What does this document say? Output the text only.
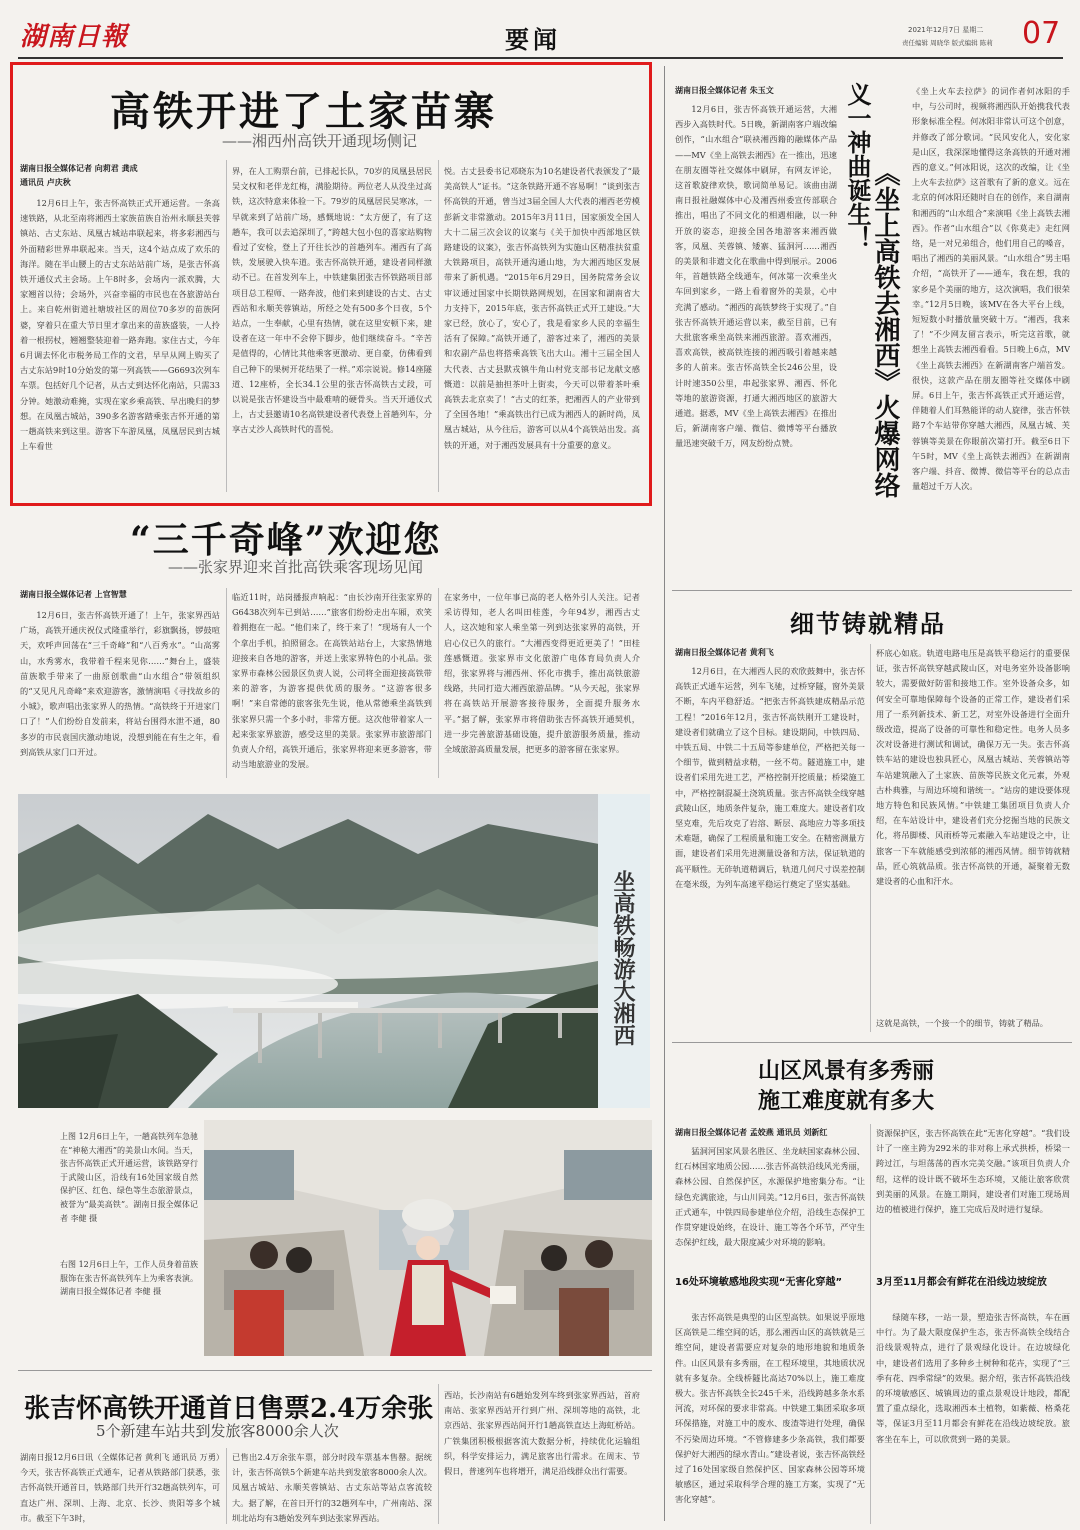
湖南日報	要闻	2021年12月7日 星期二
责任编辑 周晓华 版式编辑 陈莉 07
高铁开进了土家苗寨
——湘西州高铁开通现场侧记
湖南日报全媒体记者 向莉君 龚成
通讯员 卢庆秋
12月6日上午，张吉怀高铁正式开通运营。一条高速铁路，从北至南将湘西土家族苗族自治州永顺县芙蓉镇站、古丈东站、凤凰古城站串联起来，将多彩湘西与外面精彩世界串联起来。当天，这4个站点成了欢乐的海洋。随在半山腰上的古丈东站站前广场，是张吉怀高铁开通仪式主会场。上午8时多，会场内一派欢腾，大家翘首以待；会场外，兴奋幸福的市民也在各旅游站台上。来自乾州街道社塘坡社区的周位70多岁的苗族阿婆，穿着只在重大节日里才拿出来的苗族盛装，一人拎着一根拐杖，翘翘整装迎着一路奔跑。家住古丈，今年6月调去怀化市税务局工作的文君，早早从网上购买了古丈东站9时10分始发的第一列高铁——G6693次列车车票。包括好几个记者，从古丈到达怀化南站，只需33分钟。她激动难掩，实现在家乡乘高铁、早出晚归的梦想。在凤凰古城站，390多名游客踏乘张吉怀开通的第一趟高铁来到这里。游客下车游凤凰，凤凰居民到古城上车看世
界，在人工购票台前，已排起长队，70岁的凤凰县居民吴文权和老伴龙红梅，满脸期待。两位老人从没坐过高铁，这次特意来体验一下。79岁的凤凰居民吴寒冰，一早就来到了站前广场，感慨地说：“太方便了，有了这趟车，我可以去追深圳了，”跨越大包小包的喜家站购物看过了安检，登上了开往长沙的首趟列车。湘西有了高铁，发展驶入快车道。张吉怀高铁开通，建设者同样激动不已。在首发列车上，中铁建集团张吉怀铁路项目部项目总工程师、一路奔波，他们来到建设的古丈、古丈西站和永顺芙蓉镇站，所经之处有500多个日夜，5个站点，一生奉献，心里有热情，就在这里安顿下来，建设者在这一年中不会停下脚步，他们继续奋斗。“辛苦是值得的，心情比其他乘客更激动、更自豪，仿佛看到自己种下的果树开花结果了一样。”邓宗说说。修14座隧道、12座桥，全长34.1公里的张吉怀高铁古丈段，可以说是张吉怀建设当中最难啃的硬骨头。当天开通仪式上，古丈县邀请10名高铁建设者代表登上首趟列车，分享古丈沙人高铁时代的喜悦。
悦。古丈县委书记邓晓东为10名建设者代表颁发了“最美高铁人”证书。“这条铁路开通不容易啊！”谈到张吉怀高铁的开通，曾当过3届全国人大代表的湘西老劳模彭新文非常激动。2015年3月11日，国家颁发全国人大十二届三次会议的议案与《关于加快中西部地区铁路建设的议案》，张吉怀高铁列为实施山区精准扶贫重大铁路项目，高铁开通沟通山地，为大湘西地区发展带来了新机遇。“2015年6月29日，国务院常务会议审议通过国家中长期铁路网规划，在国家和湖南省大力支持下，2015年底，张吉怀高铁正式开工建设。”大家已经，放心了，安心了，我是看家乡人民的幸福生活有了保障。”高铁开通了，游客过来了，湘西的美景和农副产品也将搭乘高铁飞出大山。湘十三届全国人大代表、古丈县默戎镇牛角山村党支部书记龙献文感慨道：以前是抽担茶叶上街卖，今天可以带着茶叶乘高铁去北京卖了！“古丈的红茶，把湘西人的产业带到了全国各地！”乘高铁出行已成为湘西人的新时尚，凤凰古城站，从今往后，游客可以从4个高铁站出发。高铁的开通，对于湘西发展具有十分重要的意义。
湖南日报全媒体记者 朱玉文
12月6日，张吉怀高铁开通运营，大湘西步入高铁时代。5日晚，新湖南客户端改编创作，“山水组合”联袂湘西籍的融媒体产品——MV《坐上高铁去湘西》在一推出，迅速在朋友圈等社交媒体中刷屏，有网友评论，这首歌旋律欢快，歌词简单易记。该曲由湖南日报社融媒体中心及湘西州委宣传部联合推出，唱出了不同文化的相遇相融，以一种开放的姿态，迎接全国各地游客来湘西做客，凤凰、芙蓉镇、矮寨、猛洞河……湘西的美景和非遗文化在歌曲中得到展示。2006年，首趟铁路全线通车，何冰第一次乘坐火车回到家乡，一路上看着窗外的美景，心中充满了感动。“湘西的高铁梦终于实现了。”自张吉怀高铁开通运营以来，截至目前，已有大批旅客乘坐高铁来湘西旅游。喜欢湘西，喜欢高铁，被高铁连接的湘西吸引着越来越多的人前来。张吉怀高铁全长246公里，设计时速350公里，串起张家界、湘西、怀化等地的旅游资源，打通大湘西地区的旅游大通道。据悉，MV《坐上高铁去湘西》在推出后，新湖南客户端、微信、微博等平台播放量迅速突破千万，网友纷纷点赞。
义一神曲诞生！
《坐上高铁去湘西》火爆网络
《坐上火车去拉萨》的词作者何冰阳的手中，与公司时，视频将湘西队开始携我代表形象标准全程。何冰阳非常认可这个创意，并修改了部分歌词。“民风安化人，安化家是山区，我深深地懂得这条高铁的开通对湘西的意义。”何冰阳说，这次的改编，让《坐上火车去拉萨》这首歌有了新的意义。远在北京的何冰阳还随时自在的创作，来自湖南和湘西的“山水组合”来演唱《坐上高铁去湘西》。作者“山水组合”以《你莫走》走红网络，是一对兄弟组合，他们用自己的嗓音，唱出了湘西的美丽风景。“山水组合”男主唱介绍，“高铁开了——通车，我在想，我的家乡是个美丽的地方，这次演唱，我们很荣幸。”12月5日晚，该MV在各大平台上线，短短数小时播放量突破十万。“湘西，我来了！”不少网友留言表示，听完这首歌，就想坐上高铁去湘西看看。5日晚上6点，MV《坐上高铁去湘西》在新湖南客户端首发。很快，这款产品在朋友圈等社交媒体中刷屏。6日上午，张吉怀高铁正式开通运营，伴随着人们耳熟能详的动人旋律，张吉怀铁路7个车站带你穿越大湘西，凤凰古城、芙蓉镇等美景在你眼前次第打开。截至6日下午5时，MV《坐上高铁去湘西》在新湖南客户端、抖音、微博、微信等平台的总点击量超过千万人次。
“三千奇峰”欢迎您
——张家界迎来首批高铁乘客现场见闻
湖南日报全媒体记者 上官智慧
12月6日，张吉怀高铁开通了！上午，张家界西站广场，高铁开通庆祝仪式隆重举行，彩旗飘扬，锣鼓喧天，欢呼声回荡在“三千奇峰”和“八百秀水”。“山高雾山，水秀雾水，我带着千程来见你……”舞台上，盛装苗族歌手带来了一曲原创歌曲“山水组合”带领组织的“又见凡凡奇峰”来欢迎游客，激情演唱《寻找故乡的小城》，歌声唱出张家界人的热情。“高铁终于开进家门口了！”人们纷纷自发前来，将站台围得水泄不通，80多岁的市民袁国庆激动地说，没想到能在有生之年，看到高铁从家门口开过。
临近11时，站岗播报声响起：“由长沙南开往张家界的G6438次列车已到站……”旅客们纷纷走出车厢，欢笑着拥抱在一起。“他们来了，终于来了！”现场有人一个个拿出手机，拍照留念。在高铁站站台上，大家热情地迎接来自各地的游客，并送上张家界特色的小礼品。张家界市森林公园景区负责人说，公司将全面迎接高铁带来的游客，为游客提供优质的服务。“这游客很多啊！”来自常德的旅客张先生说，他从常德乘坐高铁到张家界只需一个多小时，非常方便。这次他带着家人一起来张家界旅游，感受这里的美景。张家界市旅游部门负责人介绍，高铁开通后，张家界将迎来更多游客，带动当地旅游业的发展。
在家务中，一位年事已高的老人格外引人关注。记者采访得知，老人名叫田桂莲，今年94岁，湘西古丈人，这次她和家人乘坐第一列到达张家界的高铁，开启心仪已久的旅行。“大湘西变得更近更美了！”田桂莲感慨道。张家界市文化旅游广电体育局负责人介绍，张家界将与湘西州、怀化市携手，推出高铁旅游线路，共同打造大湘西旅游品牌。“从今天起，张家界将在高铁站开展游客接待服务，全面提升服务水平。”据了解，张家界市将借助张吉怀高铁开通契机，进一步完善旅游基础设施，提升旅游服务质量，推动全域旅游高质量发展，把更多的游客留在张家界。
坐高铁畅游大湘西
上图 12月6日上午，一趟高铁列车急驰在“神秘大湘西”的美景山水间。当天，张吉怀高铁正式开通运营，该铁路穿行于武陵山区，沿线有16处国家级自然保护区、红色、绿色等生态旅游景点，被誉为“最美高铁”。湖南日报全媒体记者 李健 摄
右图 12月6日上午，工作人员身着苗族服饰在张吉怀高铁列车上为乘客表演。湖南日报全媒体记者 李健 摄
张吉怀高铁开通首日售票2.4万余张
5个新建车站共到发旅客8000余人次
湖南日报12月6日讯（全媒体记者 黄利飞 通讯员 万勇）今天，张吉怀高铁正式通车，记者从铁路部门获悉，张吉怀高铁开通首日，铁路部门共开行32趟高铁列车，可直达广州、深圳、上海、北京、长沙、贵阳等多个城市。截至下午3时，
已售出2.4万余张车票，部分时段车票基本售罄。据统计，张吉怀高铁5个新建车站共到发旅客8000余人次。凤凰古城站、永顺芙蓉镇站、古丈东站等站点客流较大。据了解，在首日开行的32趟列车中，广州南站、深圳北站均有3趟始发列车到达张家界西站。
西站，长沙南站有6趟始发列车终到张家界西站，首府南站、张家界西站开行到广州、深圳等地的高铁，北京西站、张家界西站间开行1趟高铁直达上海虹桥站。广铁集团积极根据客流大数据分析，持续优化运输组织，科学安排运力，满足旅客出行需求。在周末、节假日，普速列车也将增开，满足沿线群众出行需要。
细节铸就精品
湖南日报全媒体记者 黄利飞
12月6日，在大湘西人民的欢欣鼓舞中，张吉怀高铁正式通车运营，列车飞驰，过桥穿隧，窗外美景不断，车内平稳舒适。“把张吉怀高铁建成精品示范工程！”2016年12月，张吉怀高铁刚开工建设时，建设者们就确立了这个目标。建设期间，中铁四局、中铁五局、中铁二十五局等参建单位，严格把关每一个细节，做到精益求精，一丝不苟。隧道施工中，建设者们采用先进工艺，严格控制开挖质量；桥梁施工中，严格控制混凝土浇筑质量。张吉怀高铁全线穿越武陵山区，地质条件复杂，施工难度大。建设者们攻坚克难，先后攻克了岩溶、断层、高地应力等多项技术难题，确保了工程质量和施工安全。在精密测量方面，建设者们采用先进测量设备和方法，保证轨道的高平顺性。无砟轨道精调后，轨道几何尺寸误差控制在毫米级，为列车高速平稳运行奠定了坚实基础。
杯底心如底。轨道电路电压是高铁平稳运行的重要保证，张吉怀高铁穿越武陵山区，对电务室外设备影响较大，需要做好防雷和接地工作。室外设备众多，如何安全可靠地保障每个设备的正常工作，建设者们采用了一系列新技术、新工艺，对室外设备进行全面升级改造，提高了设备的可靠性和稳定性。电务人员多次对设备进行测试和调试，确保万无一失。张吉怀高铁车站的建设也独具匠心，凤凰古城站、芙蓉镇站等车站建筑融入了土家族、苗族等民族文化元素，外观古朴典雅，与周边环境和谐统一。“站房的建设要体现地方特色和民族风情。”中铁建工集团项目负责人介绍，在车站设计中，建设者们充分挖掘当地的民族文化，将吊脚楼、风雨桥等元素融入车站建设之中，让旅客一下车就能感受到浓郁的湘西风情。细节铸就精品，匠心筑就品质。张吉怀高铁的开通，凝聚着无数建设者的心血和汗水。
这就是高铁，一个接一个的细节，铸就了精品。
山区风景有多秀丽
施工难度就有多大
湖南日报全媒体记者 孟姣燕 通讯员 刘新红
猛洞河国家风景名胜区、坐龙峡国家森林公园、红石林国家地质公园……张吉怀高铁沿线风光秀丽，森林公园、自然保护区，水源保护地密集分布。“让绿色充满旅途，与山川同美。”12月6日，张吉怀高铁正式通车，中铁四局参建单位介绍，沿线生态保护工作贯穿建设始终，在设计、施工等各个环节，严守生态保护红线，最大限度减少对环境的影响。
16处环境敏感地段实现“无害化穿越”
张吉怀高铁是典型的山区型高铁。如果说乎原地区高铁是二维空间的话，那么湘西山区的高铁就是三维空间，建设者需要应对复杂的地形地貌和地质条件。山区风景有多秀丽，在工程环境里，其地质状况就有多复杂。全线桥隧比高达70%以上，施工难度极大。张吉怀高铁全长245千米，沿线跨越多条水系河流，对环保的要求非常高。中铁建工集团采取多项环保措施，对施工中的废水、废渣等进行处理，确保不污染周边环境。“不管修建多少条高铁，我们都要保护好大湘西的绿水青山。”建设者说，张吉怀高铁经过了16处国家级自然保护区、国家森林公园等环境敏感区，通过采取科学合理的施工方案，实现了“无害化穿越”。
资源保护区，张吉怀高铁在此“无害化穿越”。“我们设计了一座主跨为292米的非对称上承式拱桥，桥梁一跨过江，与坦荡荡的酉水完美交融。”该项目负责人介绍，这样的设计既不破坏生态环境，又能让旅客欣赏到美丽的风景。在施工期间，建设者们对施工现场周边的植被进行保护，施工完成后及时进行复绿。
3月至11月都会有鲜花在沿线边坡绽放
绿随车移，一站一景，塑造张吉怀高铁，车在画中行。为了最大限度保护生态，张吉怀高铁全线结合沿线景观特点，进行了景观绿化设计。在边坡绿化中，建设者们选用了多种乡土树种和花卉，实现了“三季有花、四季常绿”的效果。据介绍，张吉怀高铁沿线的环境敏感区、城镇周边的重点景观设计地段，都配置了重点绿化，选取湘西本土植物，如紫薇、格桑花等，保证3月至11月都会有鲜花在沿线边坡绽放。旅客坐在车上，可以欣赏到一路的美景。
